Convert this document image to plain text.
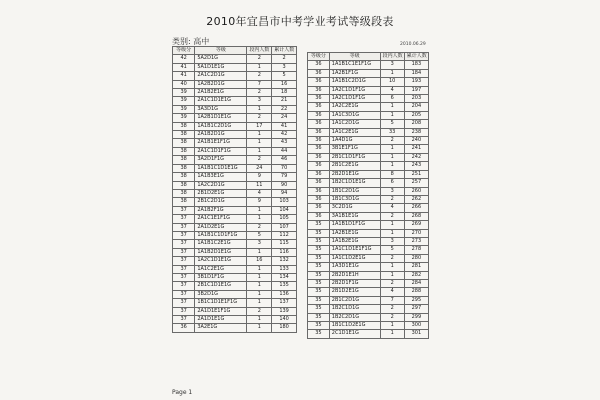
2010年宜昌市中考学业考试等级段表
类别: 高中	2010.06.29
等级分	等级	段内人数	累计人数
42	5A2D1G	2	2
41	5A1D1E1G	1	3
41	2A1C2D1G	2	5
40	1A2B2D1G	7	16
39	2A1B2E1G	2	18
39	2A1C1D1E1G	3	21
39	3A3D1G	1	22
39	1A2B1D1E1G	2	24
38	1A1B1C2D1G	17	41
38	2A1B2D1G	1	42
38	2A1B1E1F1G	1	43
38	2A1C1D1F1G	1	44
38	3A2D1F1G	2	46
38	1A1B1C1D1E1G	24	70
38	1A1B3E1G	9	79
38	1A2C2D1G	11	90
38	2B1D2E1G	4	94
38	2B1C2D1G	9	103
37	2A1B2F1G	1	104
37	2A1C1E1F1G	1	105
37	2A1D2E1G	2	107
37	1A1B1C1D1F1G	5	112
37	1A1B1C2E1G	3	115
37	1A1B2D1E1G	1	116
37	1A2C1D1E1G	16	132
37	1A1C2E1G	1	133
37	3B1D1F1G	1	134
37	2B1C1D1E1G	1	135
37	3B2D1G	1	136
37	1B1C1D1E1F1G	1	137
37	2A1D1E1F1G	2	139
37	2A1D1E1G	1	140
36	3A2E1G	1	180
等级分	等级	段内人数	累计人数
36	1A1B1C1E1F1G	3	183
36	1A2B1F1G	1	184
36	1A1B1C2D1G	10	193
36	1A2C1D1F1G	4	197
36	1A2C1D1F1G	6	203
36	1A2C2E1G	1	204
36	1A1C3D1G	1	205
36	1A1C2D1G	5	208
36	1A1C2E1G	33	238
36	1A4D1G	2	240
36	3B1E1F1G	1	241
36	2B1C1D1F1G	1	242
36	2B1C2E1G	1	243
36	2B2D1E1G	8	251
36	1B2C1D1E1G	6	257
36	1B1C2D1G	3	260
36	1B1C3D1G	2	262
36	3C2D1G	4	266
36	3A1B1E1G	2	268
35	1A1B1D1F1G	1	269
35	1A2B1E1G	1	270
35	1A1B2E1G	3	273
35	1A1C1D1E1F1G	5	278
35	1A1C1D2E1G	2	280
35	1A3D1E1G	1	281
35	2B2D1E1H	1	282
35	2B2D1F1G	2	284
35	2B1D2E1G	4	288
35	2B1C2D1G	7	295
35	1B2C1D1G	2	297
35	1B2C2D1G	2	299
35	1B1C1D2E1G	1	300
35	2C1D1E1G	1	301
Page 1
